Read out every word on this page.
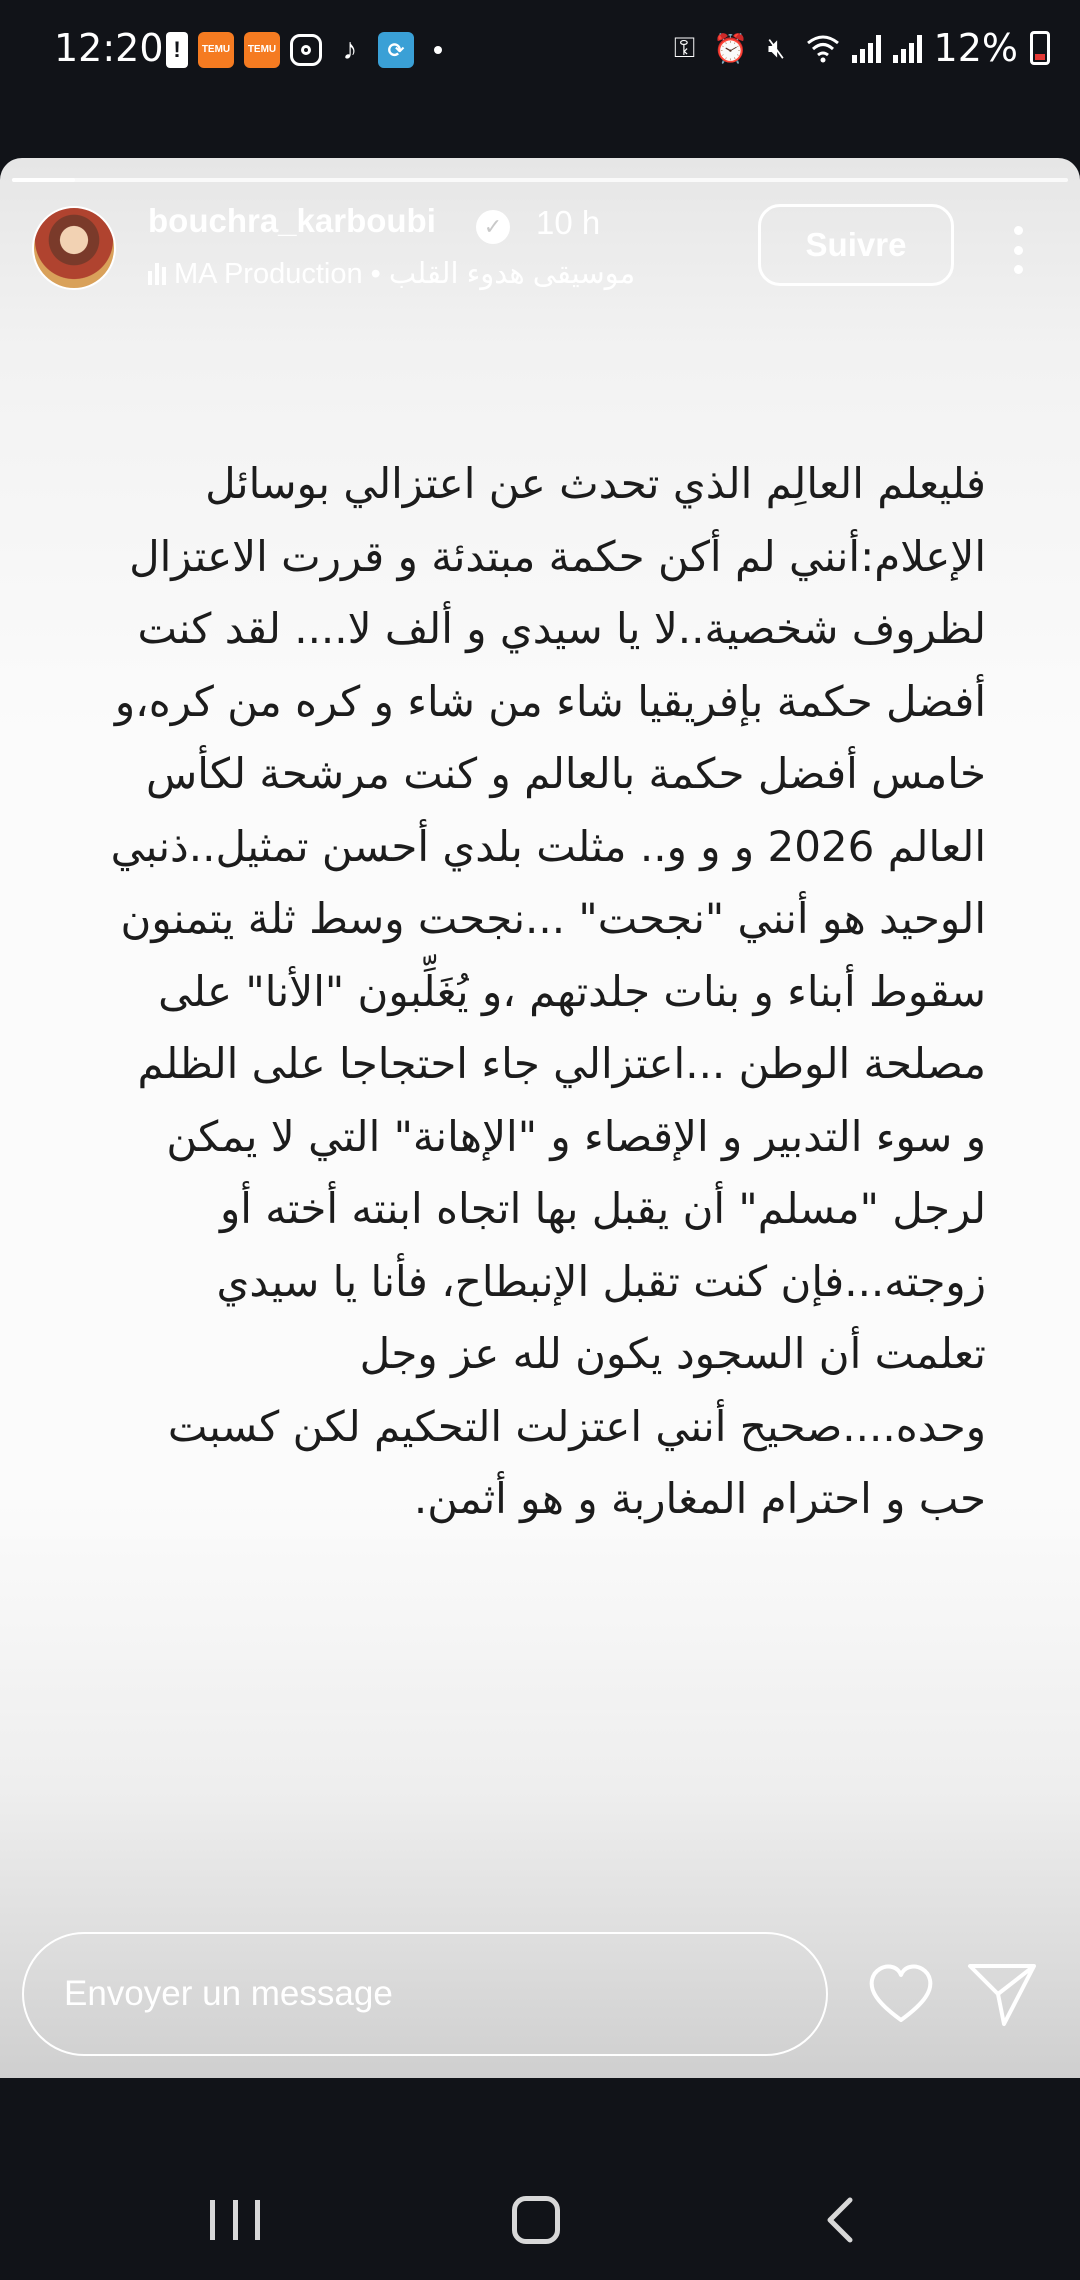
12:20 !	TEMU TEMU	♪	⟳	⚿ ⏰ 🔇︎	12%
bouchra_karboubi	✓ 10 h
MA Production • موسيقى هدوء القلب
Suivre
فليعلم العالِم الذي تحدث عن اعتزالي بوسائل الإعلام:أنني لم أكن حكمة مبتدئة و قررت الاعتزال لظروف شخصية..لا يا سيدي و ألف لا.... لقد كنت أفضل حكمة بإفريقيا شاء من شاء و كره من كره،و خامس أفضل حكمة بالعالم و كنت مرشحة لكأس العالم 2026 و و و.. مثلت بلدي أحسن تمثيل..ذنبي الوحيد هو أنني "نجحت" ...نجحت وسط ثلة يتمنون سقوط أبناء و بنات جلدتهم ،و يُغَلِّبون "الأنا" على مصلحة الوطن ...اعتزالي جاء احتجاجا على الظلم و سوء التدبير و الإقصاء و "الإهانة" التي لا يمكن لرجل "مسلم" أن يقبل بها اتجاه ابنته أخته أو زوجته...فإن كنت تقبل الإنبطاح، فأنا يا سيدي تعلمت أن السجود يكون لله عز وجل وحده....صحيح أنني اعتزلت التحكيم لكن كسبت حب و احترام المغاربة و هو أثمن.
Envoyer un message
